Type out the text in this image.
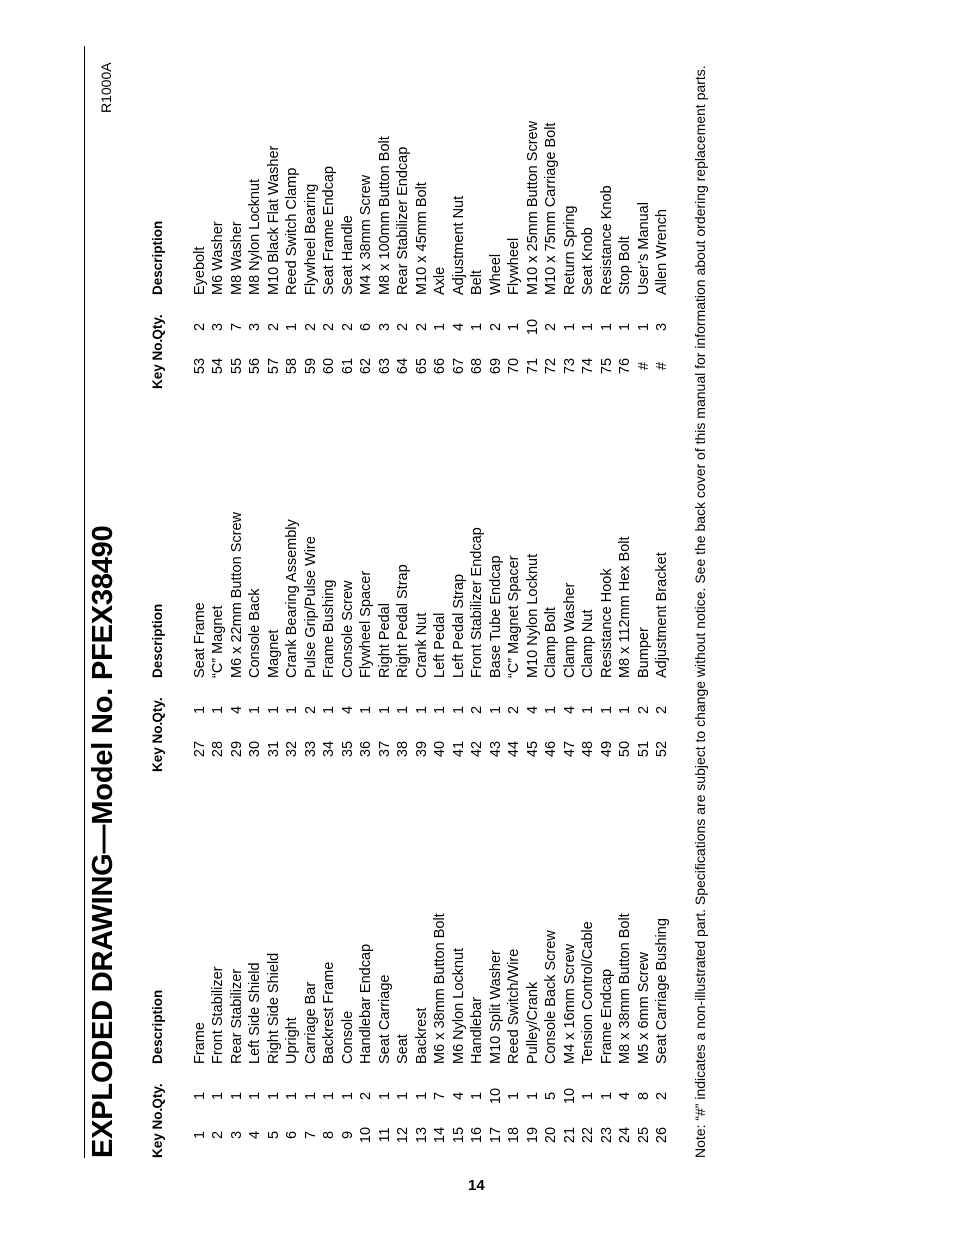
EXPLODED DRAWING—Model No. PFEX38490
R1000A
Key No.
Qty.
Description
1
1
Frame
2
1
Front Stabilizer
3
1
Rear Stabilizer
4
1
Left Side Shield
5
1
Right Side Shield
6
1
Upright
7
1
Carriage Bar
8
1
Backrest Frame
9
1
Console
10
2
Handlebar Endcap
11
1
Seat Carriage
12
1
Seat
13
1
Backrest
14
7
M6 x 38mm Button Bolt
15
4
M6 Nylon Locknut
16
1
Handlebar
17
10
M10 Split Washer
18
1
Reed Switch/Wire
19
1
Pulley/Crank
20
5
Console Back Screw
21
10
M4 x 16mm Screw
22
1
Tension Control/Cable
23
1
Frame Endcap
24
4
M8 x 38mm Button Bolt
25
8
M5 x 6mm Screw
26
2
Seat Carriage Bushing
Key No.
Qty.
Description
27
1
Seat Frame
28
1
“C” Magnet
29
4
M6 x 22mm Button Screw
30
1
Console Back
31
1
Magnet
32
1
Crank Bearing Assembly
33
2
Pulse Grip/Pulse Wire
34
1
Frame Bushing
35
4
Console Screw
36
1
Flywheel Spacer
37
1
Right Pedal
38
1
Right Pedal Strap
39
1
Crank Nut
40
1
Left Pedal
41
1
Left Pedal Strap
42
2
Front Stabilizer Endcap
43
1
Base Tube Endcap
44
2
“C” Magnet Spacer
45
4
M10 Nylon Locknut
46
1
Clamp Bolt
47
4
Clamp Washer
48
1
Clamp Nut
49
1
Resistance Hook
50
1
M8 x 112mm Hex Bolt
51
2
Bumper
52
2
Adjustment Bracket
Key No.
Qty.
Description
53
2
Eyebolt
54
3
M6 Washer
55
7
M8 Washer
56
3
M8 Nylon Locknut
57
2
M10 Black Flat Washer
58
1
Reed Switch Clamp
59
2
Flywheel Bearing
60
2
Seat Frame Endcap
61
2
Seat Handle
62
6
M4 x 38mm Screw
63
3
M8 x 100mm Button Bolt
64
2
Rear Stabilizer Endcap
65
2
M10 x 45mm Bolt
66
1
Axle
67
4
Adjustment Nut
68
1
Belt
69
2
Wheel
70
1
Flywheel
71
10
M10 x 25mm Button Screw
72
2
M10 x 75mm Carriage Bolt
73
1
Return Spring
74
1
Seat Knob
75
1
Resistance Knob
76
1
Stop Bolt
#
1
User’s Manual
#
3
Allen Wrench Note: “#” indicates a non-illustrated part. Specifications are subject to change without notice. See the back cover of this manual for information about ordering replacement parts.

14
